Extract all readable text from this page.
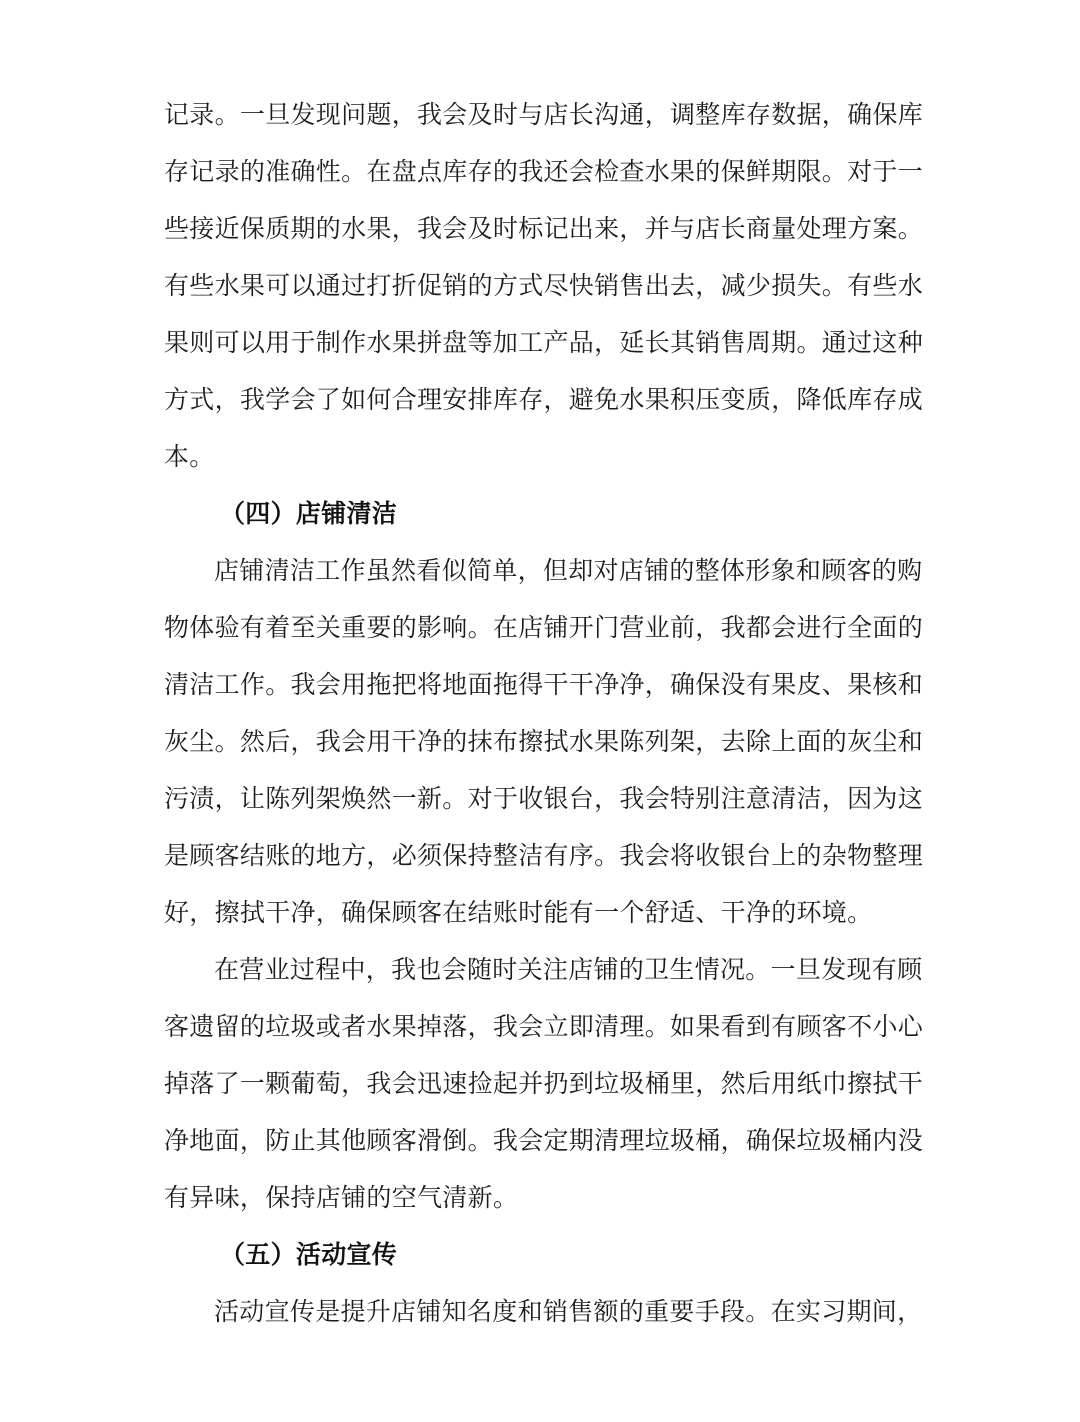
记录。一旦发现问题，我会及时与店长沟通，调整库存数据，确保库
存记录的准确性。在盘点库存的我还会检查水果的保鲜期限。对于一
些接近保质期的水果，我会及时标记出来，并与店长商量处理方案。
有些水果可以通过打折促销的方式尽快销售出去，减少损失。有些水
果则可以用于制作水果拼盘等加工产品，延长其销售周期。通过这种
方式，我学会了如何合理安排库存，避免水果积压变质，降低库存成
本。
（四）店铺清洁
店铺清洁工作虽然看似简单，但却对店铺的整体形象和顾客的购
物体验有着至关重要的影响。在店铺开门营业前，我都会进行全面的
清洁工作。我会用拖把将地面拖得干干净净，确保没有果皮、果核和
灰尘。然后，我会用干净的抹布擦拭水果陈列架，去除上面的灰尘和
污渍，让陈列架焕然一新。对于收银台，我会特别注意清洁，因为这
是顾客结账的地方，必须保持整洁有序。我会将收银台上的杂物整理
好，擦拭干净，确保顾客在结账时能有一个舒适、干净的环境。
在营业过程中，我也会随时关注店铺的卫生情况。一旦发现有顾
客遗留的垃圾或者水果掉落，我会立即清理。如果看到有顾客不小心
掉落了一颗葡萄，我会迅速捡起并扔到垃圾桶里，然后用纸巾擦拭干
净地面，防止其他顾客滑倒。我会定期清理垃圾桶，确保垃圾桶内没
有异味，保持店铺的空气清新。
（五）活动宣传
活动宣传是提升店铺知名度和销售额的重要手段。在实习期间，
